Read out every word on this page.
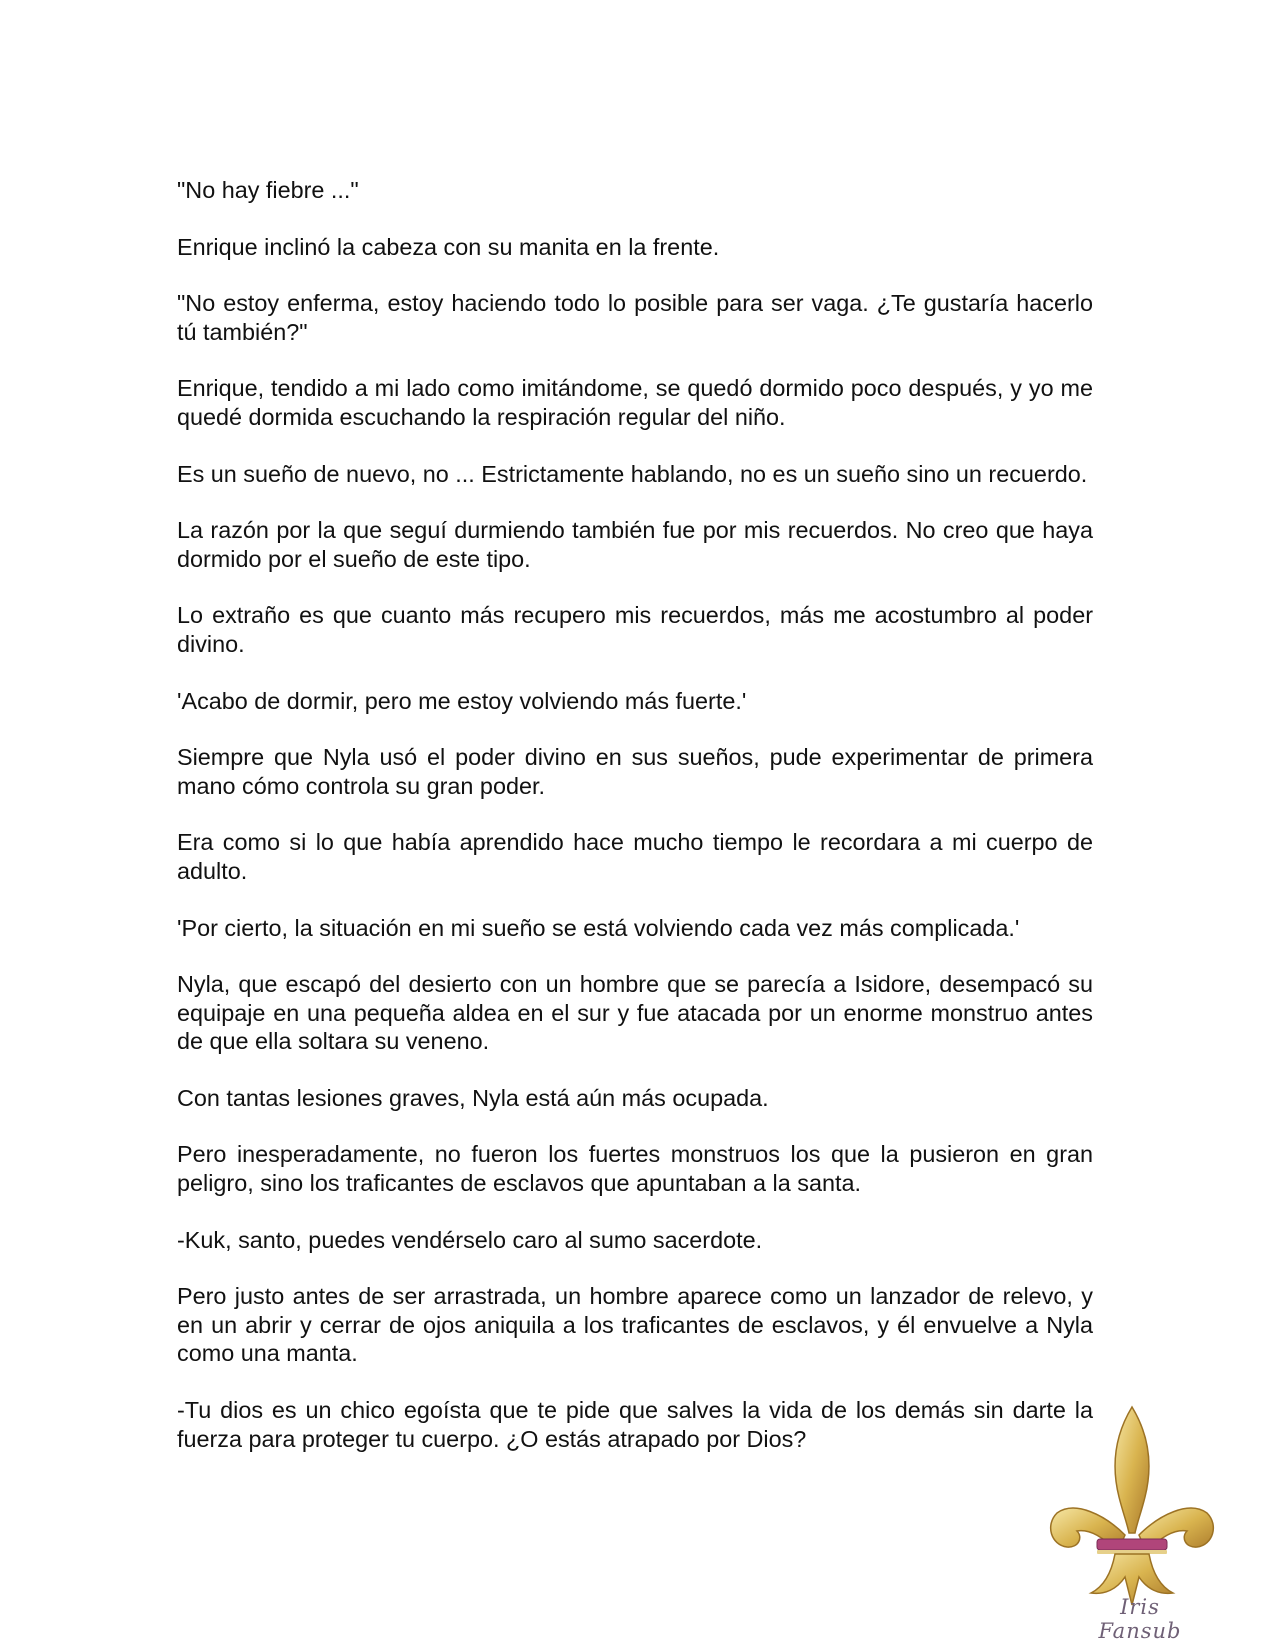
"No hay fiebre ..."

Enrique inclinó la cabeza con su manita en la frente.

"No estoy enferma, estoy haciendo todo lo posible para ser vaga. ¿Te gustaría hacerlo tú también?"

Enrique, tendido a mi lado como imitándome, se quedó dormido poco después, y yo me quedé dormida escuchando la respiración regular del niño.

Es un sueño de nuevo, no ... Estrictamente hablando, no es un sueño sino un recuerdo.

La razón por la que seguí durmiendo también fue por mis recuerdos. No creo que haya dormido por el sueño de este tipo.

Lo extraño es que cuanto más recupero mis recuerdos, más me acostumbro al poder divino.

'Acabo de dormir, pero me estoy volviendo más fuerte.'

Siempre que Nyla usó el poder divino en sus sueños, pude experimentar de primera mano cómo controla su gran poder.

Era como si lo que había aprendido hace mucho tiempo le recordara a mi cuerpo de adulto.

'Por cierto, la situación en mi sueño se está volviendo cada vez más complicada.'

Nyla, que escapó del desierto con un hombre que se parecía a Isidore, desempacó su equipaje en una pequeña aldea en el sur y fue atacada por un enorme monstruo antes de que ella soltara su veneno.

Con tantas lesiones graves, Nyla está aún más ocupada.

Pero inesperadamente, no fueron los fuertes monstruos los que la pusieron en gran peligro, sino los traficantes de esclavos que apuntaban a la santa.

-Kuk, santo, puedes vendérselo caro al sumo sacerdote.

Pero justo antes de ser arrastrada, un hombre aparece como un lanzador de relevo, y en un abrir y cerrar de ojos aniquila a los traficantes de esclavos, y él envuelve a Nyla como una manta.

-Tu dios es un chico egoísta que te pide que salves la vida de los demás sin darte la fuerza para proteger tu cuerpo. ¿O estás atrapado por Dios?

Iris Fansub
